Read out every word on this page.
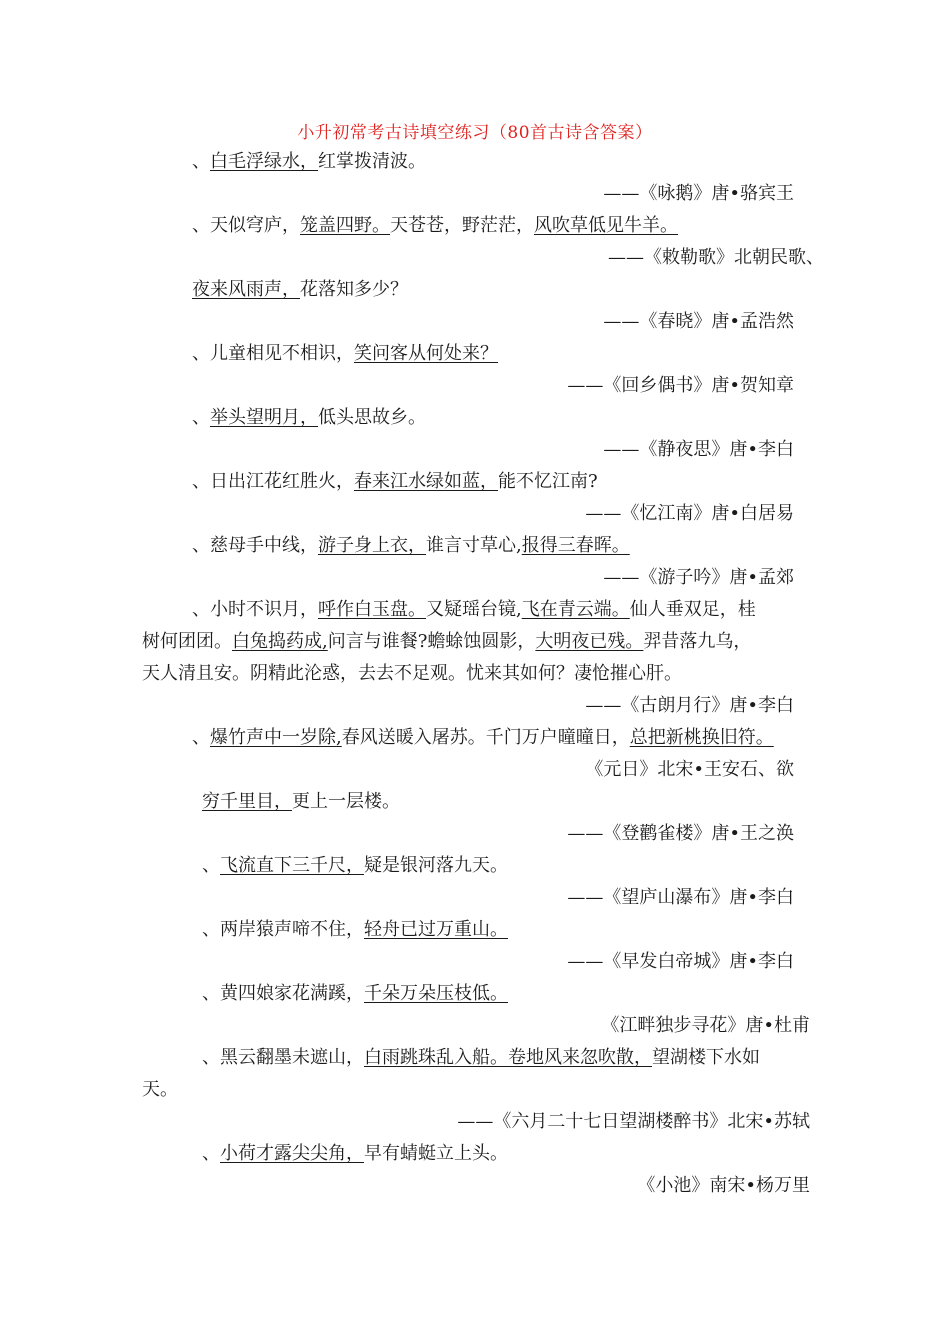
小升初常考古诗填空练习（80首古诗含答案）
、白毛浮绿水，红掌拨清波。
——《咏鹅》唐•骆宾王
、天似穹庐，笼盖四野。天苍苍，野茫茫，风吹草低见牛羊。
——《敕勒歌》北朝民歌、
夜来风雨声，花落知多少？
——《春晓》唐•孟浩然
、儿童相见不相识，笑问客从何处来？
——《回乡偶书》唐•贺知章
、举头望明月，低头思故乡。
——《静夜思》唐•李白
、日出江花红胜火，春来江水绿如蓝，能不忆江南?
——《忆江南》唐•白居易
、慈母手中线，游子身上衣，谁言寸草心,报得三春晖。
——《游子吟》唐•孟郊
、小时不识月，呼作白玉盘。又疑瑶台镜,飞在青云端。仙人垂双足，桂
树何团团。白兔捣药成,问言与谁餐?蟾蜍蚀圆影，大明夜已残。羿昔落九乌，
天人清且安。阴精此沦惑，去去不足观。忧来其如何？凄怆摧心肝。
——《古朗月行》唐•李白
、爆竹声中一岁除,春风送暖入屠苏。千门万户曈曈日，总把新桃换旧符。
《元日》北宋•王安石、欲
穷千里目，更上一层楼。
——《登鹳雀楼》唐•王之涣
、飞流直下三千尺，疑是银河落九天。
——《望庐山瀑布》唐•李白
、两岸猿声啼不住，轻舟已过万重山。
——《早发白帝城》唐•李白
、黄四娘家花满蹊，千朵万朵压枝低。
《江畔独步寻花》唐•杜甫
、黑云翻墨未遮山，白雨跳珠乱入船。卷地风来忽吹散，望湖楼下水如
天。
——《六月二十七日望湖楼醉书》北宋•苏轼
、小荷才露尖尖角，早有蜻蜓立上头。
《小池》南宋•杨万里
